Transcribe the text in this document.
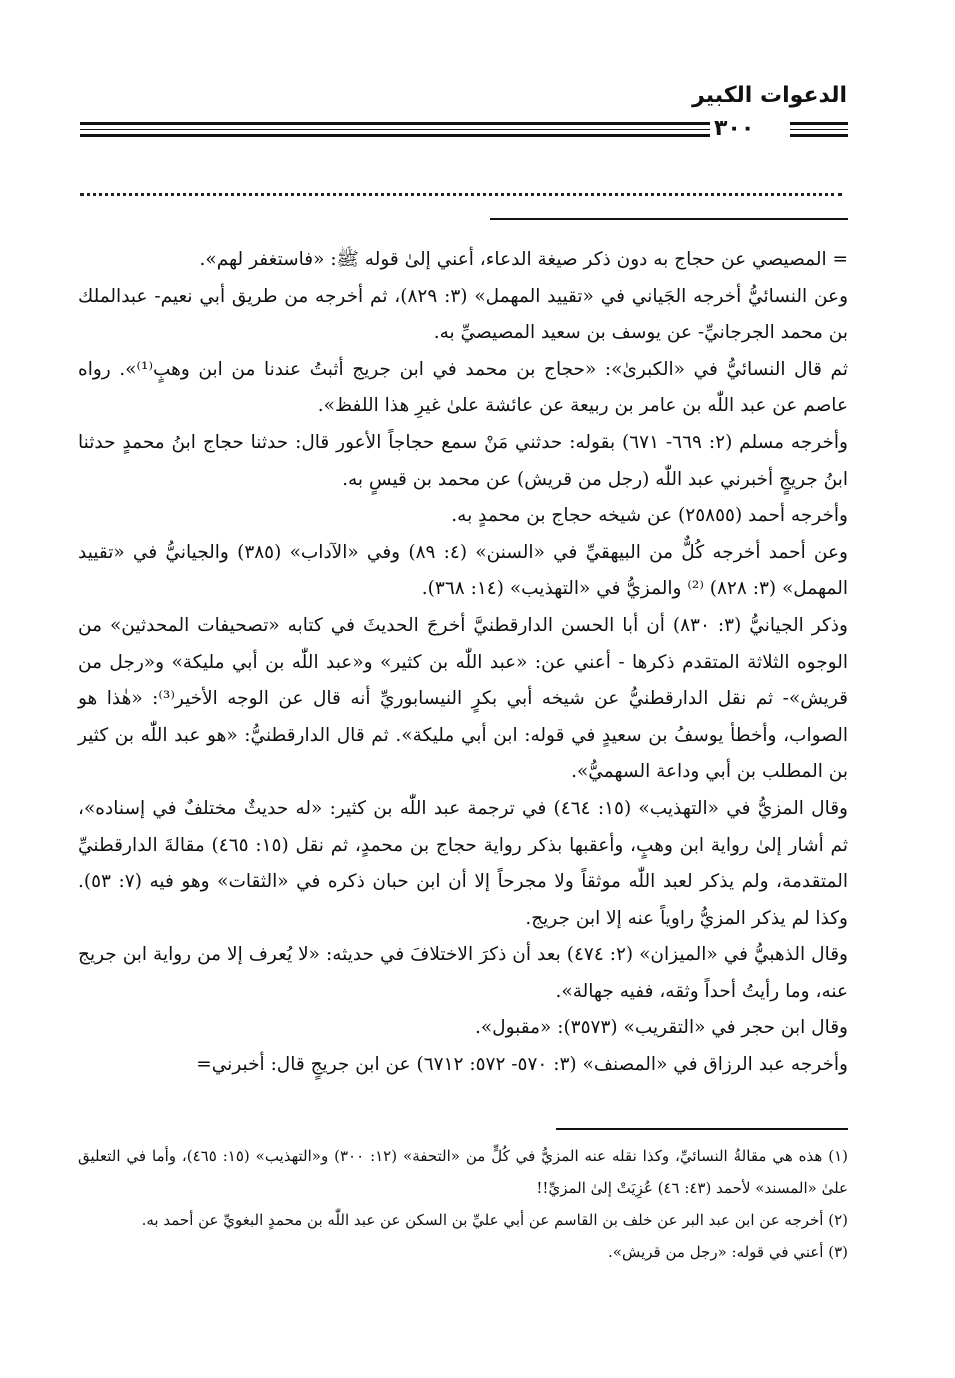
الدعوات الكبير
٣٠٠

= المصيصي عن حجاج به دون ذكر صيغة الدعاء، أعني إلىٰ قوله ﷺ: «فاستغفر لهم».

وعن النسائيُّ أخرجه الجَياني في «تقييد المهمل» (٣: ٨٢٩)، ثم أخرجه من طريق أبي نعيم- عبدالملك بن محمد الجرجانيِّ- عن يوسف بن سعيد المصيصيِّ به.

ثم قال النسائيُّ في «الكبرىٰ»: «حجاج بن محمد في ابن جريج أثبتُ عندنا من ابن وهبٍ⁽¹⁾». رواه عاصم عن عبد اللّٰه بن عامر بن ربيعة عن عائشة علىٰ غيرِ هذا اللفظ».

وأخرجه مسلم (٢: ٦٦٩- ٦٧١) بقوله: حدثني مَنْ سمع حجاجاً الأعور قال: حدثنا حجاج ابنُ محمدٍ حدثنا ابنُ جريجٍ أخبرني عبد اللّٰه (رجل من قريش) عن محمد بن قيسٍ به.

وأخرجه أحمد (٢٥٨٥٥) عن شيخه حجاج بن محمدٍ به.

وعن أحمد أخرجه كُلٌّ من البيهقيِّ في «السنن» (٤: ٨٩) وفي «الآداب» (٣٨٥) والجيانيُّ في «تقييد المهمل» (٣: ٨٢٨) ⁽²⁾ والمزيُّ في «التهذيب» (١٤: ٣٦٨).

وذكر الجيانيُّ (٣: ٨٣٠) أن أبا الحسن الدارقطنيَّ أخرجَ الحديثَ في كتابه «تصحيفات المحدثين» من الوجوه الثلاثة المتقدم ذكرها - أعني عن: «عبد اللّٰه بن كثير» و«عبد اللّٰه بن أبي مليكة» و«رجل من قريش»- ثم نقل الدارقطنيُّ عن شيخه أبي بكرٍ النيسابوريِّ أنه قال عن الوجه الأخير⁽³⁾: «هٰذا هو الصواب، وأخطأ يوسفُ بن سعيدٍ في قوله: ابن أبي مليكة». ثم قال الدارقطنيُّ: «هو عبد اللّٰه بن كثير بن المطلب بن أبي وداعة السهميُّ».

وقال المزيُّ في «التهذيب» (١٥: ٤٦٤) في ترجمة عبد اللّٰه بن كثير: «له حديثٌ مختلفٌ في إسناده»، ثم أشار إلىٰ رواية ابن وهبٍ، وأعقبها بذكر رواية حجاج بن محمدٍ، ثم نقل (١٥: ٤٦٥) مقالةَ الدارقطنيِّ المتقدمة، ولم يذكر لعبد اللّٰه موثقاً ولا مجرحاً إلا أن ابن حبان ذكره في «الثقات» وهو فيه (٧: ٥٣). وكذا لم يذكر المزيُّ راوياً عنه إلا ابن جريج.

وقال الذهبيُّ في «الميزان» (٢: ٤٧٤) بعد أن ذكرَ الاختلافَ في حديثه: «لا يُعرف إلا من رواية ابن جريج عنه، وما رأيتُ أحداً وثقه، ففيه جهالة».

وقال ابن حجر في «التقريب» (٣٥٧٣): «مقبول».

وأخرجه عبد الرزاق في «المصنف» (٣: ٥٧٠- ٥٧٢: ٦٧١٢) عن ابن جريجٍ قال: أخبرني=

(١) هذه هي مقالةُ النسائيِّ، وكذا نقله عنه المزيُّ في كُلٍّ من «التحفة» (١٢: ٣٠٠) و«التهذيب» (١٥: ٤٦٥)، وأما في التعليق علىٰ «المسند» لأحمد (٤٣: ٤٦) عُزِيَتْ إلىٰ المزيِّ!!

(٢) أخرجه عن ابن عبد البر عن خلف بن القاسم عن أبي عليِّ بن السكن عن عبد اللّٰه بن محمدٍ البغويِّ عن أحمد به.

(٣) أعني في قوله: «رجل من قريش».
